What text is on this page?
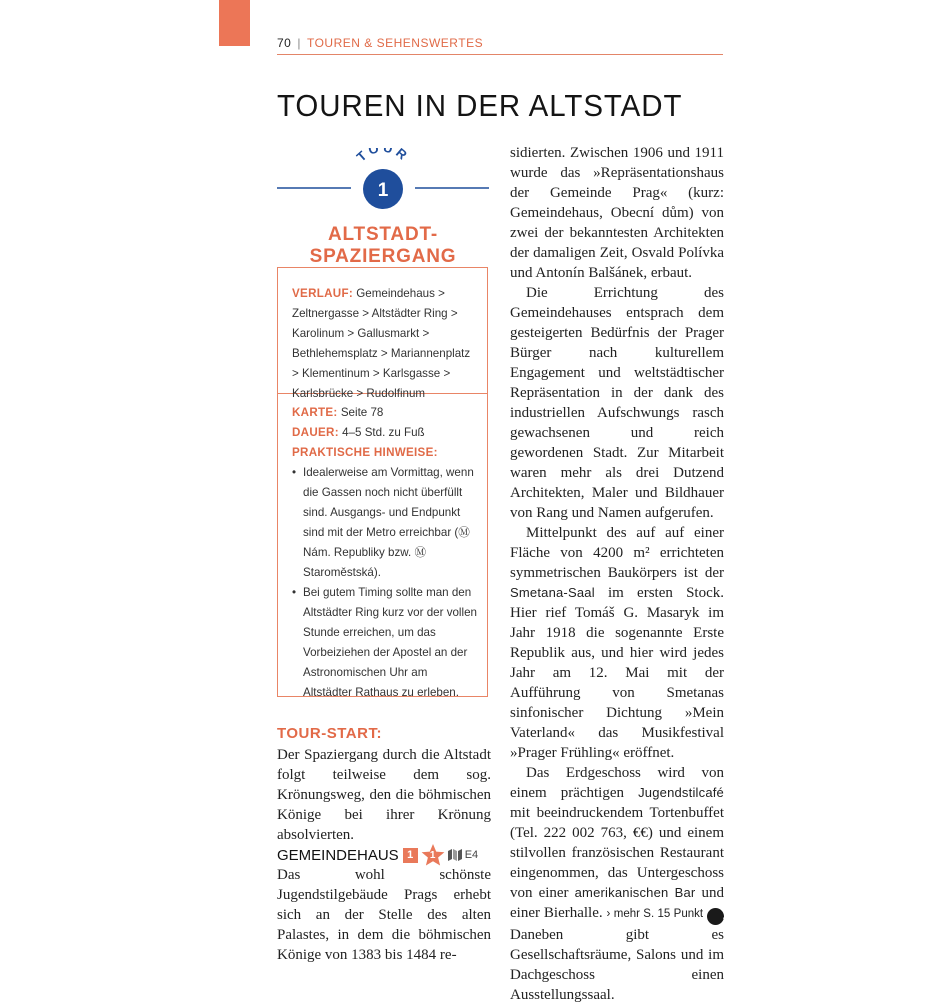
70 | TOUREN & SEHENSWERTES
TOUREN IN DER ALTSTADT
TOUR
1
ALTSTADT-SPAZIERGANG
VERLAUF: Gemeindehaus > Zeltnergasse > Altstädter Ring > Karolinum > Gallusmarkt > Bethlehemsplatz > Mariannenplatz > Klementinum > Karlsgasse > Karlsbrücke > Rudolfinum
KARTE: Seite 78
DAUER: 4–5 Std. zu Fuß
PRAKTISCHE HINWEISE:
• Idealerweise am Vormittag, wenn die Gassen noch nicht überfüllt sind. Ausgangs- und Endpunkt sind mit der Metro erreichbar (Ⓜ Nám. Republiky bzw. Ⓜ Staroměstská).
• Bei gutem Timing sollte man den Altstädter Ring kurz vor der vollen Stunde erreichen, um das Vorbeiziehen der Apostel an der Astronomischen Uhr am Altstädter Rathaus zu erleben.
TOUR-START:
Der Spaziergang durch die Altstadt folgt teilweise dem sog. Krönungsweg, den die böhmischen Könige bei ihrer Krönung absolvierten.
GEMEINDEHAUS 1	1	E4
Das wohl schönste Jugendstilgebäude Prags erhebt sich an der Stelle des alten Palastes, in dem die böhmischen Könige von 1383 bis 1484 re-

sidierten. Zwischen 1906 und 1911 wurde das »Repräsentationshaus der Gemeinde Prag« (kurz: Gemeindehaus, Obecní dům) von zwei der bekanntesten Architekten der damaligen Zeit, Osvald Polívka und Antonín Balšánek, erbaut.

Die Errichtung des Gemeindehauses entsprach dem gesteigerten Bedürfnis der Prager Bürger nach kulturellem Engagement und weltstädtischer Repräsentation in der dank des industriellen Aufschwungs rasch gewachsenen und reich gewordenen Stadt. Zur Mitarbeit waren mehr als drei Dutzend Architekten, Maler und Bildhauer von Rang und Namen aufgerufen.

Mittelpunkt des auf auf einer Fläche von 4200 m² errichteten symmetrischen Baukörpers ist der Smetana-Saal im ersten Stock. Hier rief Tomáš G. Masaryk im Jahr 1918 die sogenannte Erste Republik aus, und hier wird jedes Jahr am 12. Mai mit der Aufführung von Smetanas sinfonischer Dichtung »Mein Vaterland« das Musikfestival »Prager Frühling« eröffnet.

Das Erdgeschoss wird von einem prächtigen Jugendstilcafé mit beeindruckendem Tortenbuffet (Tel. 222 002 763, €€) und einem stilvollen französischen Restaurant eingenommen, das Untergeschoss von einer amerikanischen Bar und einer Bierhalle. › mehr S. 15 Punkt 22 Daneben gibt es Gesellschaftsräume, Salons und im Dachgeschoss einen Ausstellungssaal.
